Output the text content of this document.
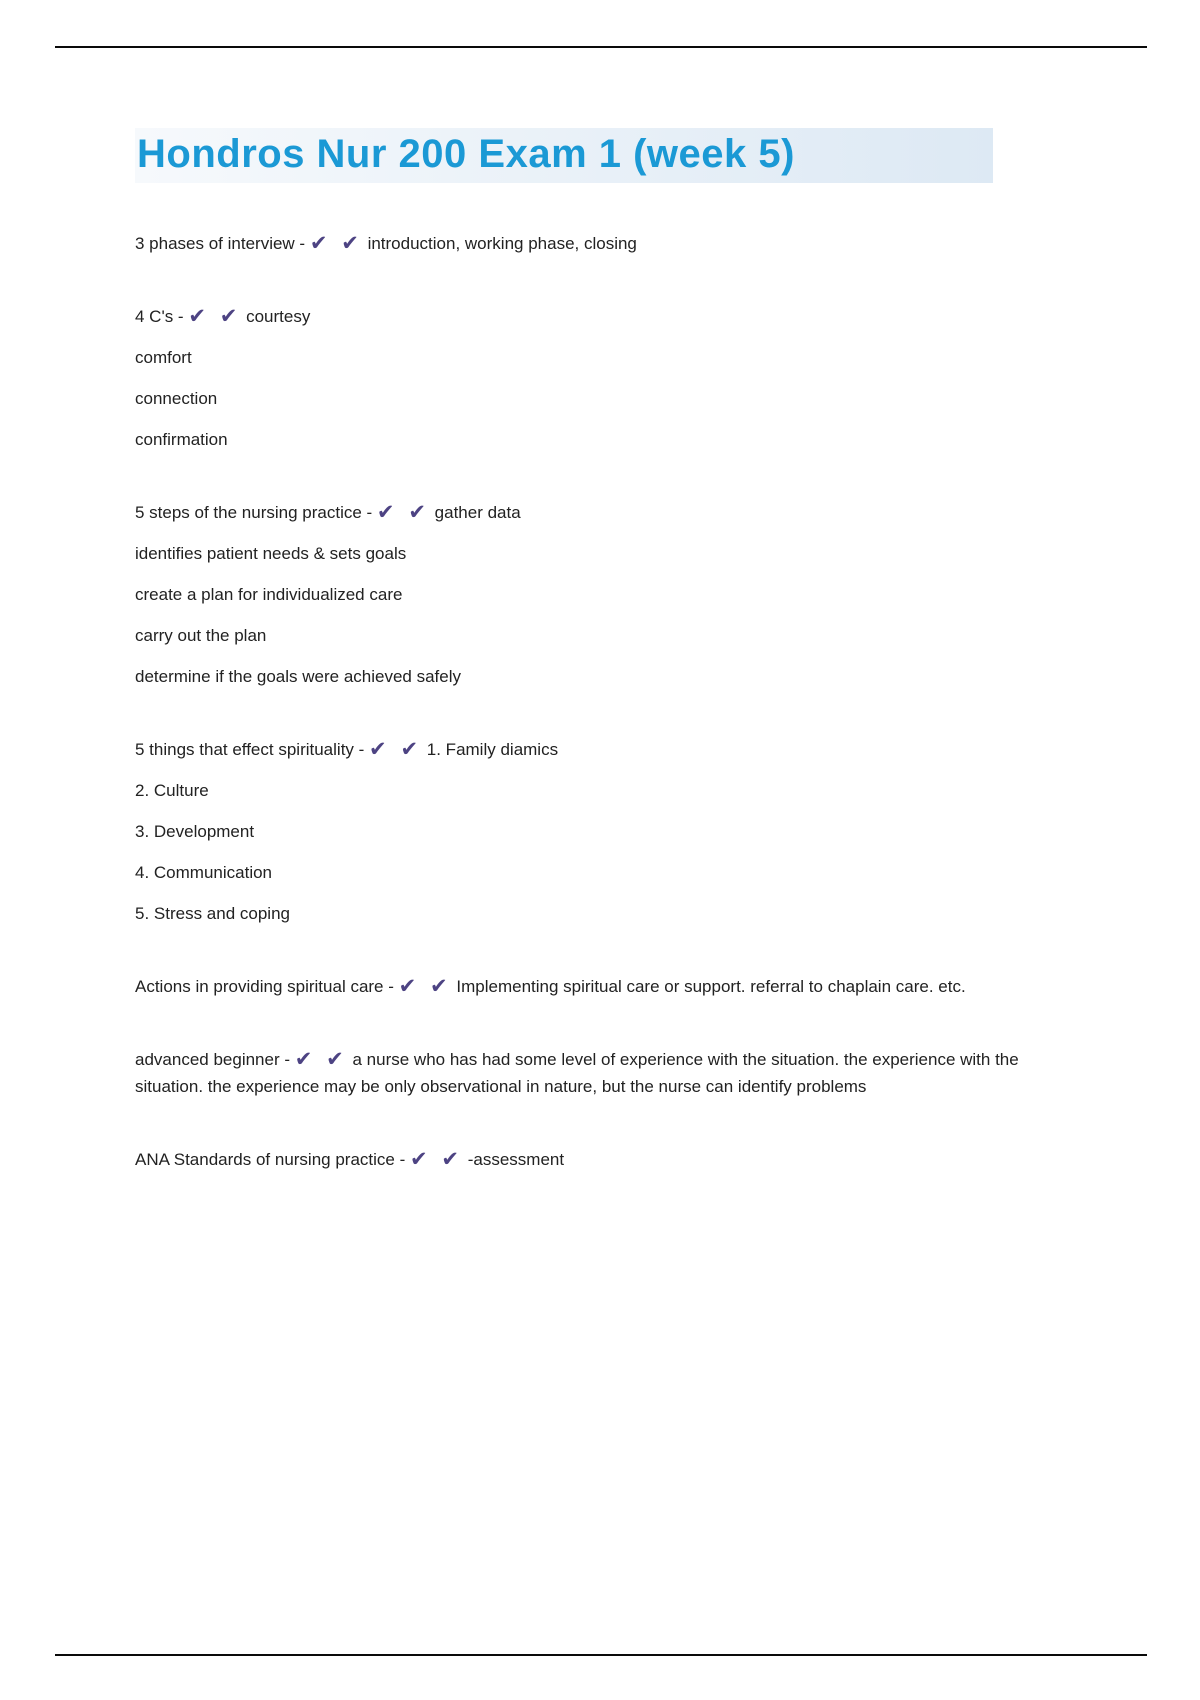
Hondros Nur 200 Exam 1 (week 5)

3 phases of interview - ✔ ✔ introduction, working phase, closing

4 C's - ✔ ✔ courtesy

comfort

connection

confirmation

5 steps of the nursing practice - ✔ ✔ gather data

identifies patient needs & sets goals

create a plan for individualized care

carry out the plan

determine if the goals were achieved safely

5 things that effect spirituality - ✔ ✔ 1. Family diamics

2. Culture

3. Development

4. Communication

5. Stress and coping

Actions in providing spiritual care - ✔ ✔ Implementing spiritual care or support. referral to chaplain care. etc.

advanced beginner - ✔ ✔ a nurse who has had some level of experience with the situation. the experience with the situation. the experience may be only observational in nature, but the nurse can identify problems

ANA Standards of nursing practice - ✔ ✔ -assessment
